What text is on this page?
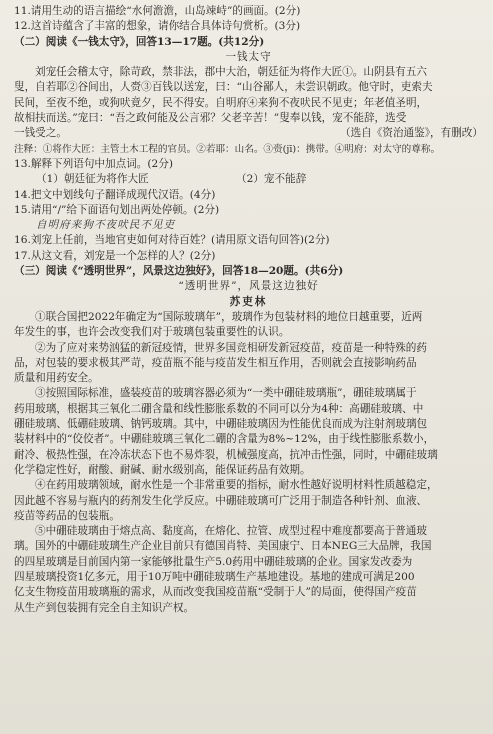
11.请用生动的语言描绘“水何澹澹，山岛竦峙”的画面。(2分)
12.这首诗蕴含了丰富的想象，请你结合具体诗句赏析。(3分)
（二）阅读《一钱太守》，回答13—17题。(共12分)
一钱太守
刘宠任会稽太守，除苛政，禁非法，郡中大治，朝廷征为将作大匠①。山阴县有五六
叟，自若耶②谷间出，人赍③百钱以送宠，曰：“山谷鄙人，未尝识朝政。他守时，吏索夫
民间，至夜不绝，或狗吠竟夕，民不得安。自明府④来狗不夜吠民不见吏；年老值圣明，
故相扶而送。”宠曰：“吾之政何能及公言邪？父老辛苦！”叟奉以钱，宠不能辞，选受
一钱受之。	（选自《资治通鉴》，有删改）
注释：①将作大匠：主管土木工程的官员。②若耶：山名。③赍(jī)：携带。④明府：对太守的尊称。
13.解释下列语句中加点词。(2分)
（1）朝廷征为将作大匠	（2）宠不能辞
14.把文中划线句子翻译成现代汉语。(4分)
15.请用“/”给下面语句划出两处停顿。(2分)
自明府来狗不夜吠民不见吏
16.刘宠上任前，当地官吏如何对待百姓？(请用原文语句回答)(2分)
17.从这文看，刘宠是一个怎样的人？(2分)
（三）阅读《“透明世界”，风景这边独好》，回答18—20题。(共6分)
“透明世界”，风景这边独好
苏吏林
①联合国把2022年确定为“国际玻璃年”，玻璃作为包装材料的地位日越重要，近两
年发生的事，也许会改变我们对于玻璃包装重要性的认识。
②为了应对来势汹猛的新冠疫情，世界多国竞相研发新冠疫苗，疫苗是一种特殊的药
品，对包装的要求极其严苛，疫苗瓶不能与疫苗发生相互作用，否则就会直接影响药品
质量和用药安全。
③按照国际标准，盛装疫苗的玻璃容器必须为“一类中硼硅玻璃瓶”，硼硅玻璃属于
药用玻璃，根据其三氧化二硼含量和线性膨胀系数的不同可以分为4种：高硼硅玻璃、中
硼硅玻璃、低硼硅玻璃、钠钙玻璃。其中，中硼硅玻璃因为性能优良而成为注射剂玻璃包
装材料中的“佼佼者”。中硼硅玻璃三氧化二硼的含量为8%~12%，由于线性膨胀系数小，
耐冷、极热性强，在冷冻状态下也不易炸裂，机械强度高，抗冲击性强，同时，中硼硅玻璃
化学稳定性好，耐酸、耐碱、耐水级别高，能保证药品有效期。
④在药用玻璃领域，耐水性是一个非常重要的指标，耐水性越好说明材料性质越稳定，
因此越不容易与瓶内的药剂发生化学反应。中硼硅玻璃可广泛用于制造各种针剂、血液、
疫苗等药品的包装瓶。
⑤中硼硅玻璃由于熔点高、黏度高，在熔化、拉管、成型过程中难度都要高于普通玻
璃。国外的中硼硅玻璃生产企业目前只有德国肖特、美国康宁、日本NEG三大品牌，我国
的四星玻璃是目前国内第一家能够批量生产5.0药用中硼硅玻璃的企业。国家发改委为
四星玻璃投资1亿多元，用于10万吨中硼硅玻璃生产基地建设。基地的建成可满足200
亿支生物疫苗用玻璃瓶的需求，从而改变我国疫苗瓶“受制于人”的局面，使得国产疫苗
从生产到包装拥有完全自主知识产权。
